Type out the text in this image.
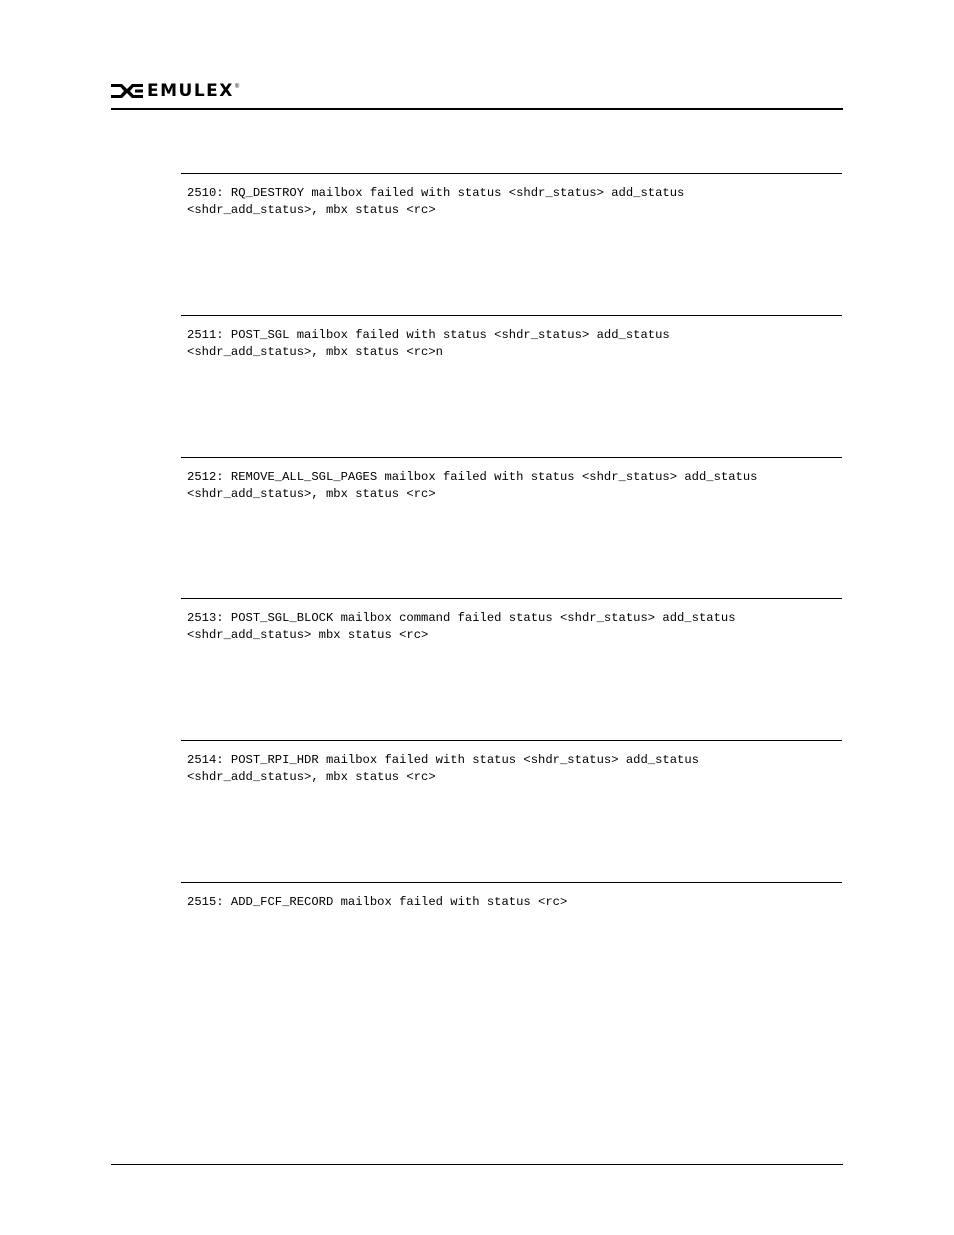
EMULEX ®

2510: RQ_DESTROY mailbox failed with status <shdr_status> add_status
<shdr_add_status>, mbx status <rc>

2511: POST_SGL mailbox failed with status <shdr_status> add_status
<shdr_add_status>, mbx status <rc>n

2512: REMOVE_ALL_SGL_PAGES mailbox failed with status <shdr_status> add_status
<shdr_add_status>, mbx status <rc>

2513: POST_SGL_BLOCK mailbox command failed status <shdr_status> add_status
<shdr_add_status> mbx status <rc>

2514: POST_RPI_HDR mailbox failed with status <shdr_status> add_status
<shdr_add_status>, mbx status <rc>

2515: ADD_FCF_RECORD mailbox failed with status <rc>
